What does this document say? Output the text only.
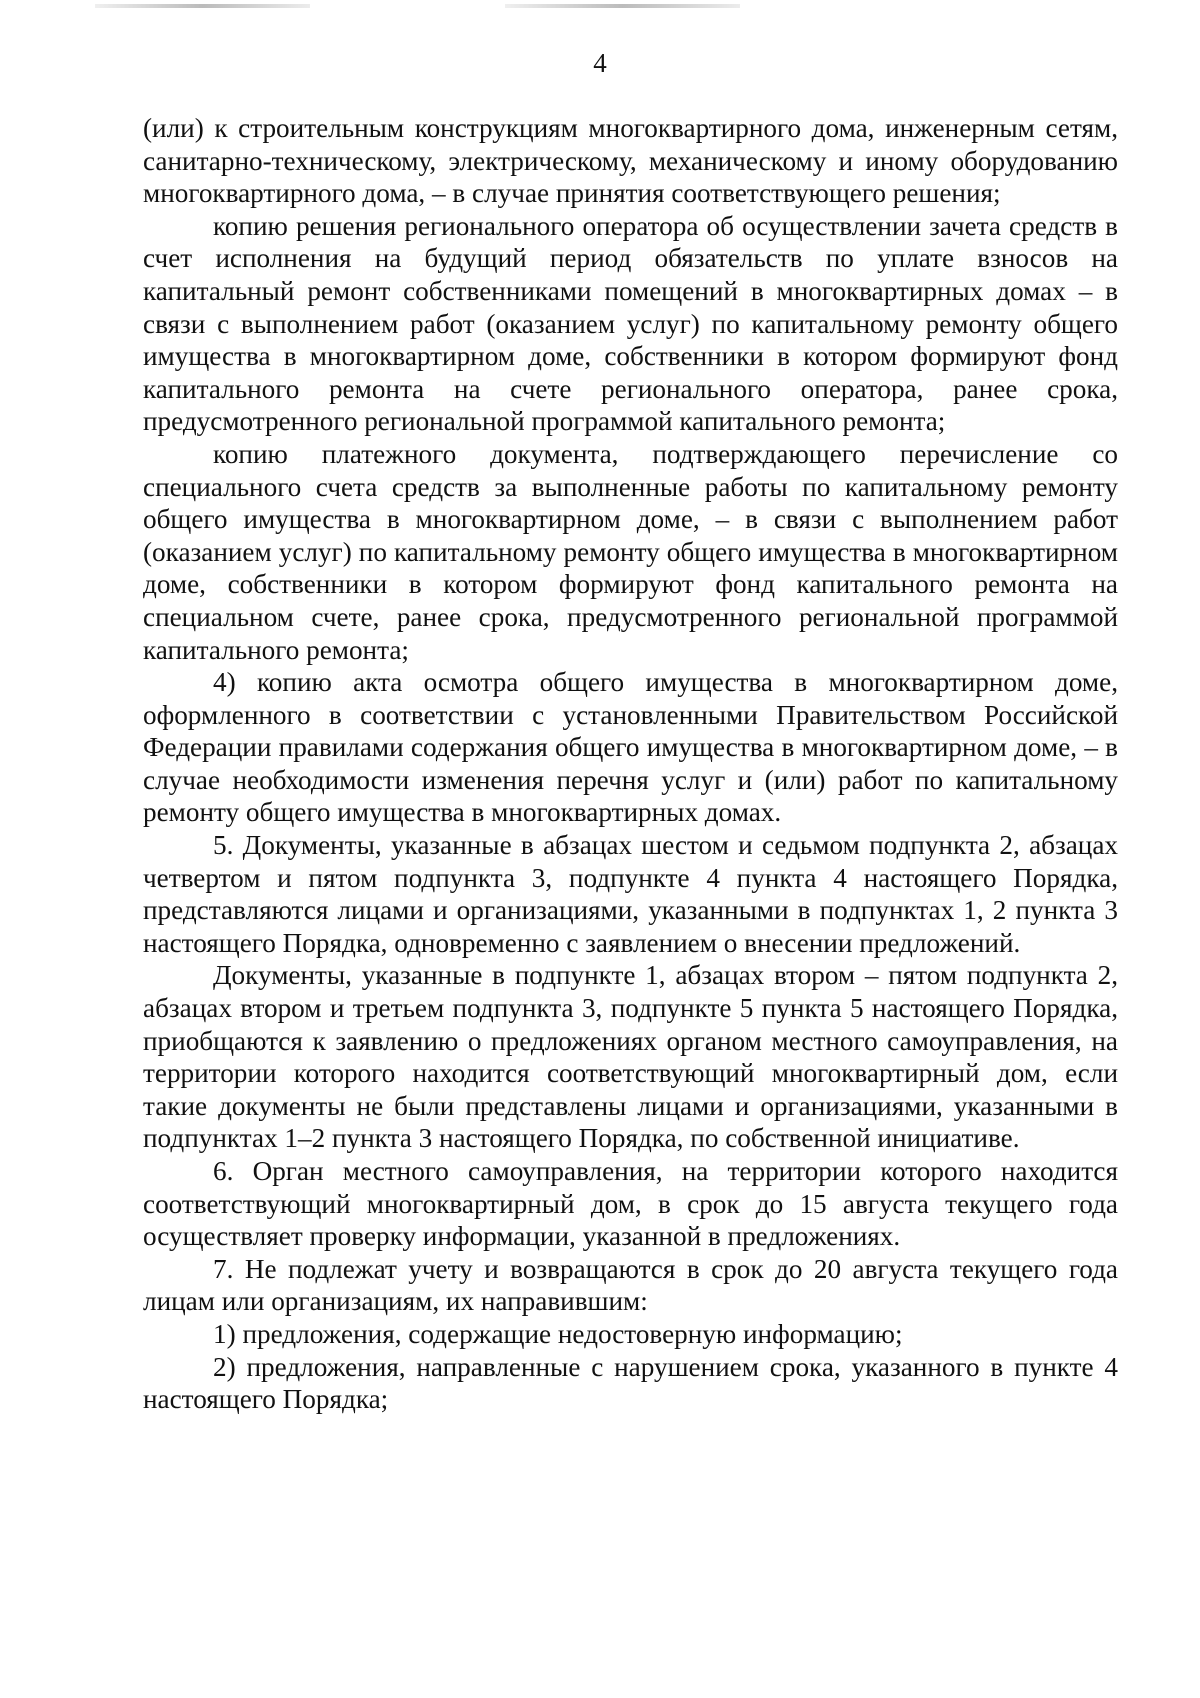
4

(или) к строительным конструкциям многоквартирного дома, инженерным сетям, санитарно-техническому, электрическому, механическому и иному оборудованию многоквартирного дома, – в случае принятия соответствующего решения;

копию решения регионального оператора об осуществлении зачета средств в счет исполнения на будущий период обязательств по уплате взносов на капитальный ремонт собственниками помещений в многоквартирных домах – в связи с выполнением работ (оказанием услуг) по капитальному ремонту общего имущества в многоквартирном доме, собственники в котором формируют фонд капитального ремонта на счете регионального оператора, ранее срока, предусмотренного региональной программой капитального ремонта;

копию платежного документа, подтверждающего перечисление со специального счета средств за выполненные работы по капитальному ремонту общего имущества в многоквартирном доме, – в связи с выполнением работ (оказанием услуг) по капитальному ремонту общего имущества в многоквартирном доме, собственники в котором формируют фонд капитального ремонта на специальном счете, ранее срока, предусмотренного региональной программой капитального ремонта;

4) копию акта осмотра общего имущества в многоквартирном доме, оформленного в соответствии с установленными Правительством Российской Федерации правилами содержания общего имущества в многоквартирном доме, – в случае необходимости изменения перечня услуг и (или) работ по капитальному ремонту общего имущества в многоквартирных домах.

5. Документы, указанные в абзацах шестом и седьмом подпункта 2, абзацах четвертом и пятом подпункта 3, подпункте 4 пункта 4 настоящего Порядка, представляются лицами и организациями, указанными в подпунктах 1, 2 пункта 3 настоящего Порядка, одновременно с заявлением о внесении предложений.

Документы, указанные в подпункте 1, абзацах втором – пятом подпункта 2, абзацах втором и третьем подпункта 3, подпункте 5 пункта 5 настоящего Порядка, приобщаются к заявлению о предложениях органом местного самоуправления, на территории которого находится соответствующий многоквартирный дом, если такие документы не были представлены лицами и организациями, указанными в подпунктах 1–2 пункта 3 настоящего Порядка, по собственной инициативе.

6. Орган местного самоуправления, на территории которого находится соответствующий многоквартирный дом, в срок до 15 августа текущего года осуществляет проверку информации, указанной в предложениях.

7. Не подлежат учету и возвращаются в срок до 20 августа текущего года лицам или организациям, их направившим:

1) предложения, содержащие недостоверную информацию;

2) предложения, направленные с нарушением срока, указанного в пункте 4 настоящего Порядка;
